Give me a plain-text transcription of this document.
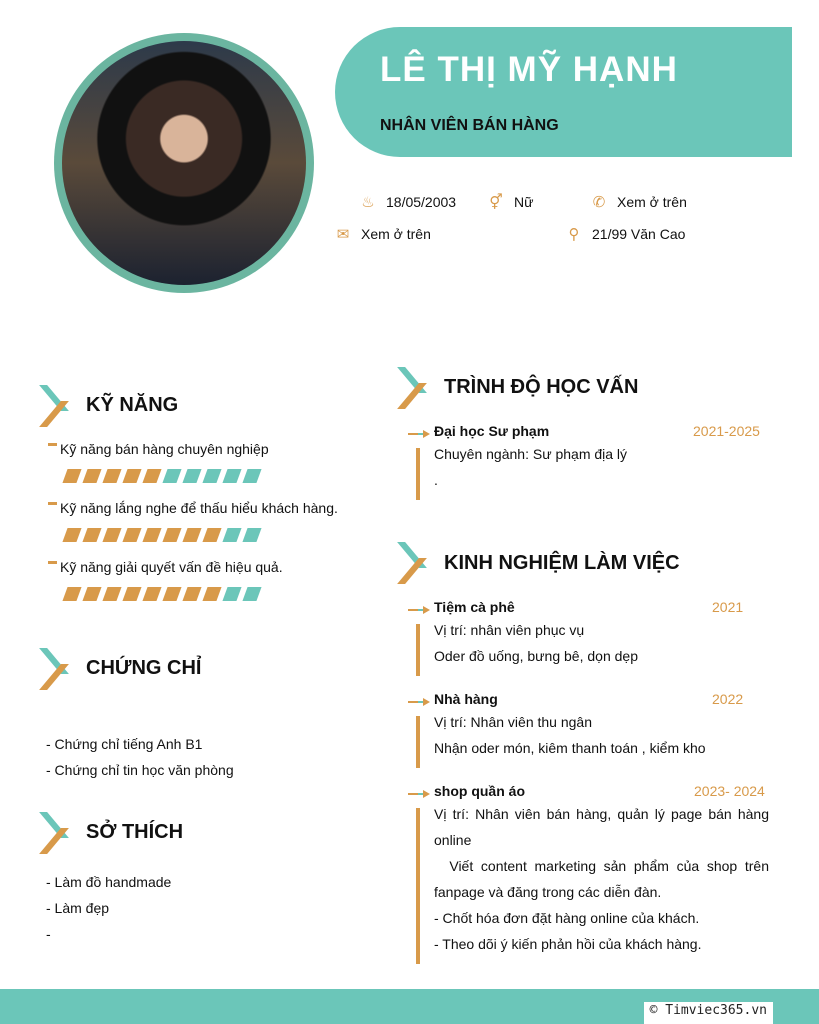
LÊ THỊ MỸ HẠNH
NHÂN VIÊN BÁN HÀNG
♨ 18/05/2003 ⚥ Nữ	✆ Xem ở trên
✉ Xem ở trên	⚲ 21/99 Văn Cao
KỸ NĂNG
Kỹ năng bán hàng chuyên nghiệp
Kỹ năng lắng nghe để thấu hiểu khách hàng.
Kỹ năng giải quyết vấn đề hiệu quả.
CHỨNG CHỈ
- Chứng chỉ tiếng Anh B1
- Chứng chỉ tin học văn phòng
SỞ THÍCH
- Làm đồ handmade
- Làm đẹp
-
TRÌNH ĐỘ HỌC VẤN
KINH NGHIỆM LÀM VIỆC
Đại học Sư phạm	2021-2025
Chuyên ngành: Sư phạm địa lý
.
Tiệm cà phê	2021
Vị trí: nhân viên phục vụ
Oder đồ uống, bưng bê, dọn dẹp
Nhà hàng	2022
Vị trí: Nhân viên thu ngân
Nhận oder món, kiêm thanh toán , kiểm kho
shop quần áo	2023- 2024
Vị trí: Nhân viên bán hàng, quản lý page bán hàng online
Viết content marketing sản phẩm của shop trên fanpage và đăng trong các diễn đàn.
- Chốt hóa đơn đặt hàng online của khách.
- Theo dõi ý kiến phản hồi của khách hàng.
© Timviec365.vn
